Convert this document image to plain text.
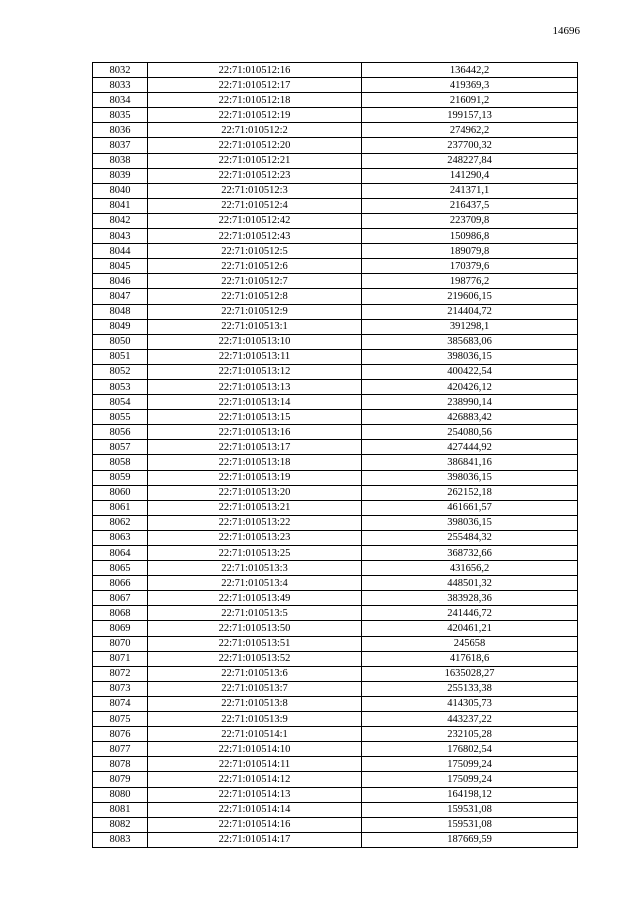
14696
8032	22:71:010512:16	136442,2
8033	22:71:010512:17	419369,3
8034	22:71:010512:18	216091,2
8035	22:71:010512:19	199157,13
8036	22:71:010512:2	274962,2
8037	22:71:010512:20	237700,32
8038	22:71:010512:21	248227,84
8039	22:71:010512:23	141290,4
8040	22:71:010512:3	241371,1
8041	22:71:010512:4	216437,5
8042	22:71:010512:42	223709,8
8043	22:71:010512:43	150986,8
8044	22:71:010512:5	189079,8
8045	22:71:010512:6	170379,6
8046	22:71:010512:7	198776,2
8047	22:71:010512:8	219606,15
8048	22:71:010512:9	214404,72
8049	22:71:010513:1	391298,1
8050	22:71:010513:10	385683,06
8051	22:71:010513:11	398036,15
8052	22:71:010513:12	400422,54
8053	22:71:010513:13	420426,12
8054	22:71:010513:14	238990,14
8055	22:71:010513:15	426883,42
8056	22:71:010513:16	254080,56
8057	22:71:010513:17	427444,92
8058	22:71:010513:18	386841,16
8059	22:71:010513:19	398036,15
8060	22:71:010513:20	262152,18
8061	22:71:010513:21	461661,57
8062	22:71:010513:22	398036,15
8063	22:71:010513:23	255484,32
8064	22:71:010513:25	368732,66
8065	22:71:010513:3	431656,2
8066	22:71:010513:4	448501,32
8067	22:71:010513:49	383928,36
8068	22:71:010513:5	241446,72
8069	22:71:010513:50	420461,21
8070	22:71:010513:51	245658
8071	22:71:010513:52	417618,6
8072	22:71:010513:6	1635028,27
8073	22:71:010513:7	255133,38
8074	22:71:010513:8	414305,73
8075	22:71:010513:9	443237,22
8076	22:71:010514:1	232105,28
8077	22:71:010514:10	176802,54
8078	22:71:010514:11	175099,24
8079	22:71:010514:12	175099,24
8080	22:71:010514:13	164198,12
8081	22:71:010514:14	159531,08
8082	22:71:010514:16	159531,08
8083	22:71:010514:17	187669,59
